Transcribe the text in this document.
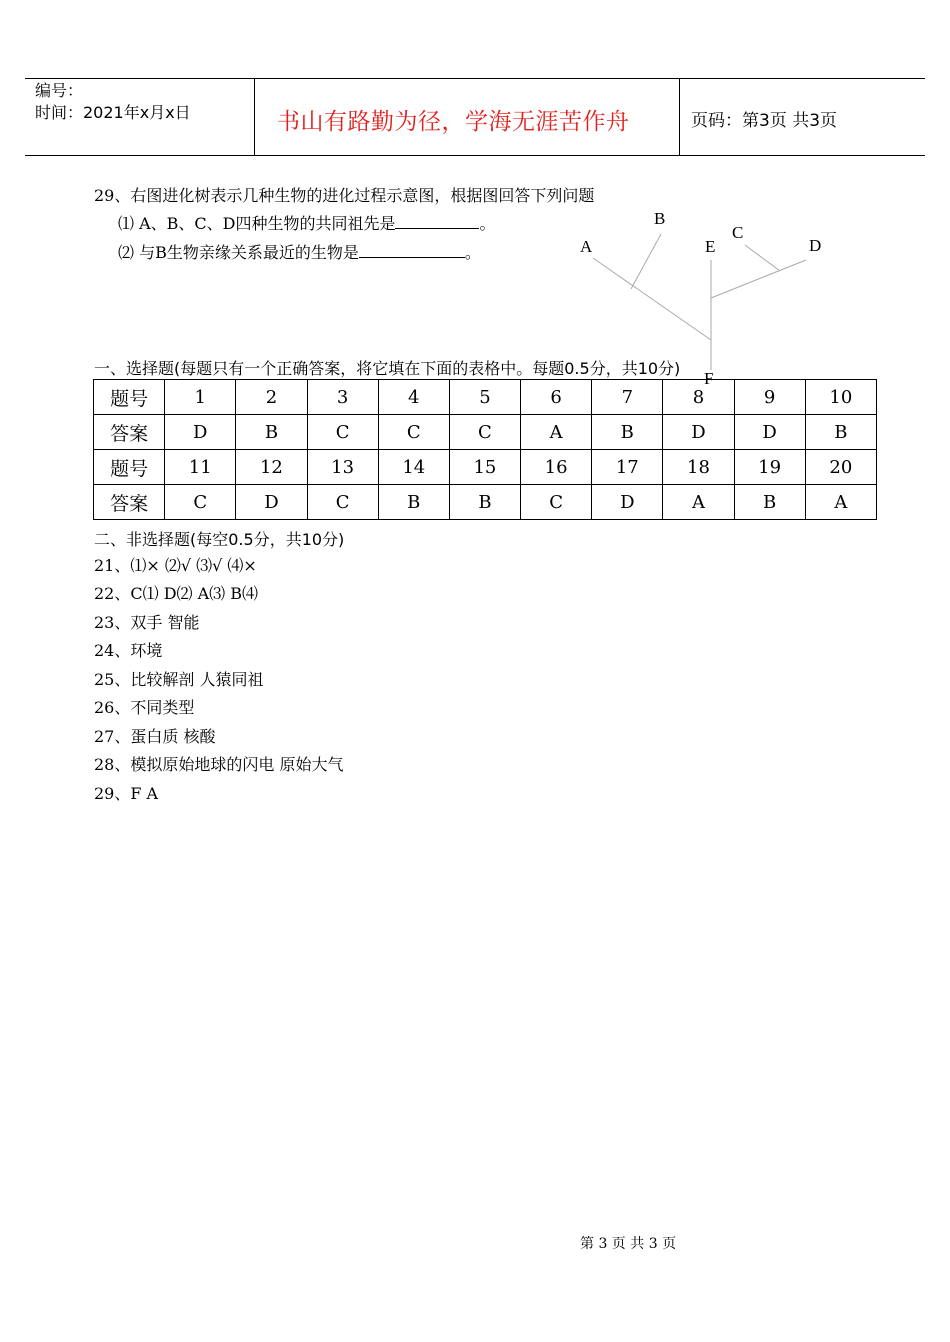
编号：
时间：2021年x月x日	书山有路勤为径，学海无涯苦作舟	页码：第3页 共3页
29、右图进化树表示几种生物的进化过程示意图，根据图回答下列问题
⑴ A、B、C、D四种生物的共同祖先是	。
⑵ 与B生物亲缘关系最近的生物是	。	A
B
C
D
E
F
一、选择题(每题只有一个正确答案，将它填在下面的表格中。每题0.5分，共10分)
题号	1	2	3	4	5	6	7	8	9	10
答案	D	B	C	C	C	A	B	D	D	B
题号	11	12	13	14	15	16	17	18	19	20
答案	C	D	C	B	B	C	D	A	B	A
二、非选择题(每空0.5分，共10分)
21、⑴× ⑵√ ⑶√ ⑷×
22、C⑴ D⑵ A⑶ B⑷
23、双手 智能
24、环境
25、比较解剖 人猿同祖
26、不同类型
27、蛋白质 核酸
28、模拟原始地球的闪电 原始大气
29、F A
第 3 页 共 3 页
